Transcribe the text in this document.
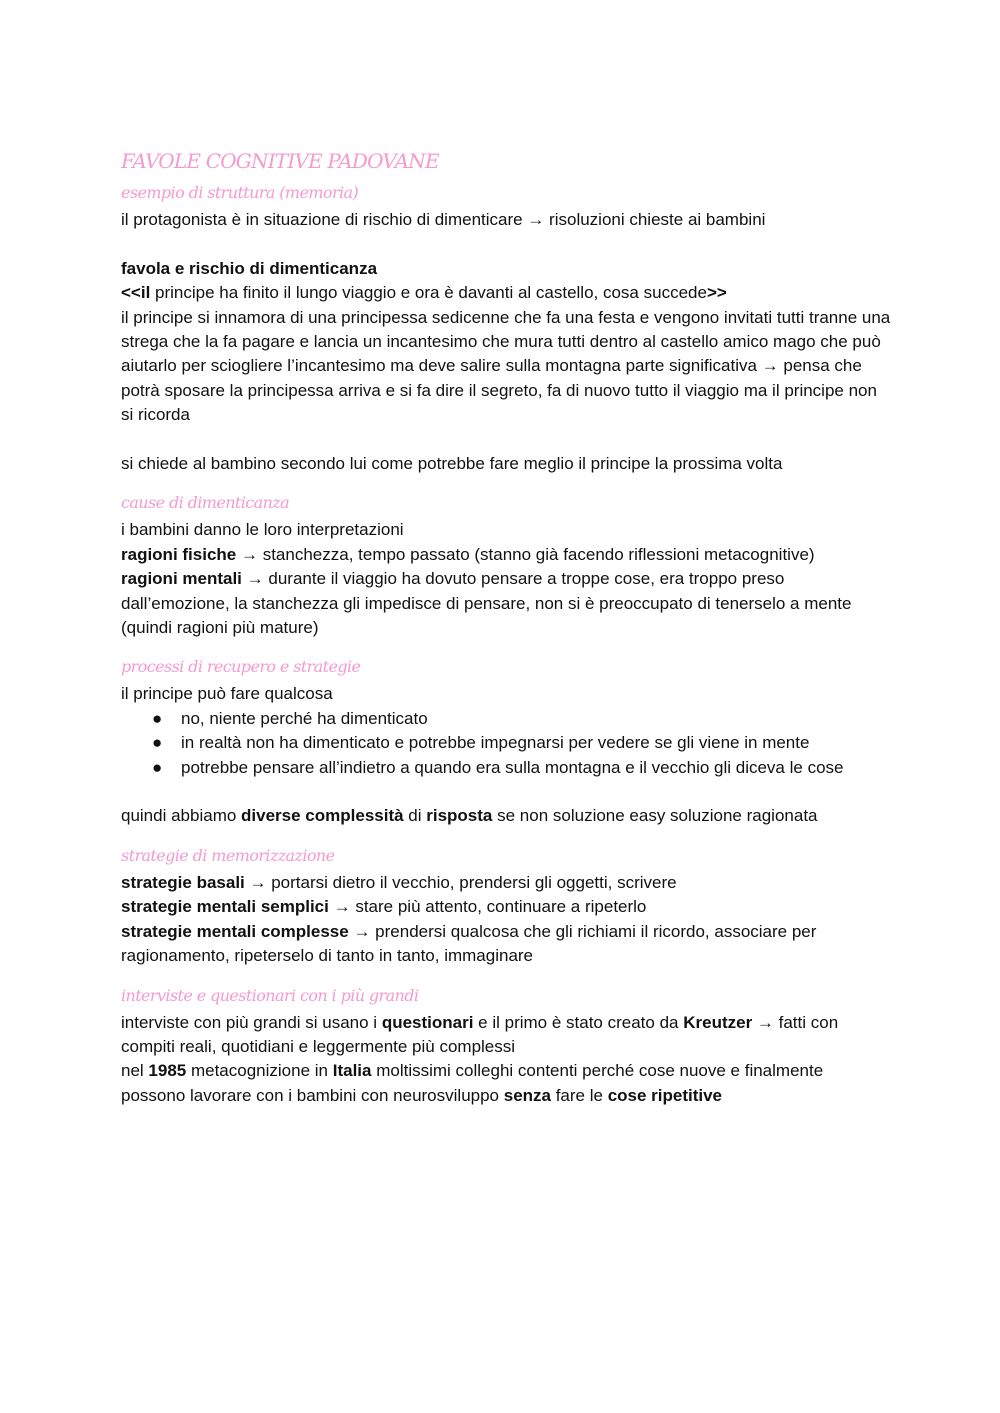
FAVOLE COGNITIVE PADOVANE
esempio di struttura (memoria)

il protagonista è in situazione di rischio di dimenticare → risoluzioni chieste ai bambini

favola e rischio di dimenticanza

<<il principe ha finito il lungo viaggio e ora è davanti al castello, cosa succede>>

il principe si innamora di una principessa sedicenne che fa una festa e vengono invitati tutti tranne una strega che la fa pagare e lancia un incantesimo che mura tutti dentro al castello amico mago che può aiutarlo per sciogliere l’incantesimo ma deve salire sulla montagna parte significativa → pensa che potrà sposare la principessa arriva e si fa dire il segreto, fa di nuovo tutto il viaggio ma il principe non si ricorda

si chiede al bambino secondo lui come potrebbe fare meglio il principe la prossima volta

cause di dimenticanza

i bambini danno le loro interpretazioni

ragioni fisiche → stanchezza, tempo passato (stanno già facendo riflessioni metacognitive)

ragioni mentali → durante il viaggio ha dovuto pensare a troppe cose, era troppo preso dall’emozione, la stanchezza gli impedisce di pensare, non si è preoccupato di tenerselo a mente (quindi ragioni più mature)

processi di recupero e strategie

il principe può fare qualcosa

● no, niente perché ha dimenticato
● in realtà non ha dimenticato e potrebbe impegnarsi per vedere se gli viene in mente
● potrebbe pensare all’indietro a quando era sulla montagna e il vecchio gli diceva le cose

quindi abbiamo diverse complessità di risposta se non soluzione easy soluzione ragionata

strategie di memorizzazione

strategie basali → portarsi dietro il vecchio, prendersi gli oggetti, scrivere

strategie mentali semplici → stare più attento, continuare a ripeterlo

strategie mentali complesse → prendersi qualcosa che gli richiami il ricordo, associare per ragionamento, ripeterselo di tanto in tanto, immaginare

interviste e questionari con i più grandi

interviste con più grandi si usano i questionari e il primo è stato creato da Kreutzer → fatti con compiti reali, quotidiani e leggermente più complessi

nel 1985 metacognizione in Italia moltissimi colleghi contenti perché cose nuove e finalmente possono lavorare con i bambini con neurosviluppo senza fare le cose ripetitive
